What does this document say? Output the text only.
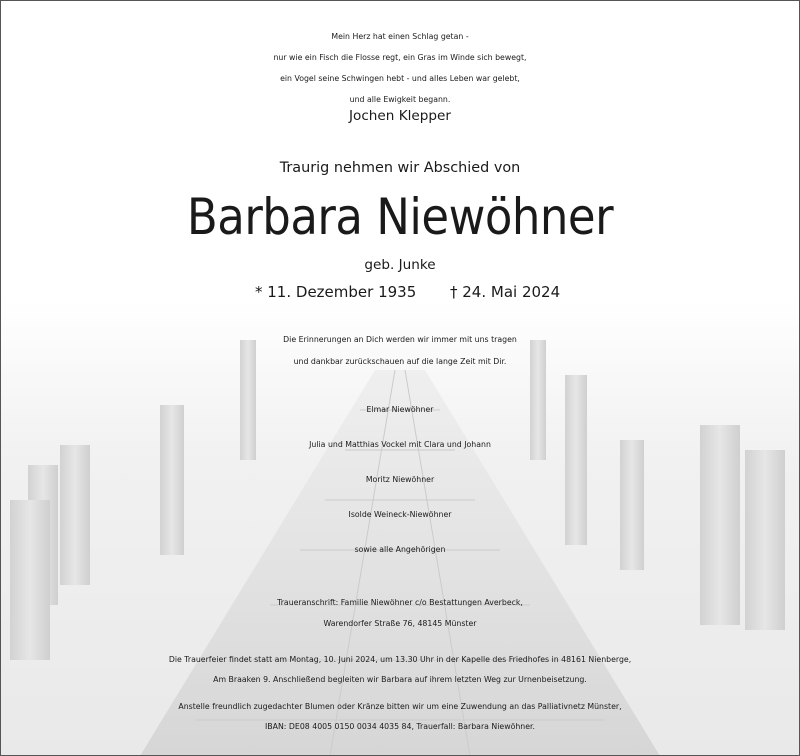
Mein Herz hat einen Schlag getan -
nur wie ein Fisch die Flosse regt, ein Gras im Winde sich bewegt,
ein Vogel seine Schwingen hebt - und alles Leben war gelebt,
und alle Ewigkeit begann.
Jochen Klepper
Traurig nehmen wir Abschied von
Barbara Niewöhner
geb. Junke
* 11. Dezember 1935 † 24. Mai 2024
Die Erinnerungen an Dich werden wir immer mit uns tragen
und dankbar zurückschauen auf die lange Zeit mit Dir.
Elmar Niewöhner
Julia und Matthias Vockel mit Clara und Johann
Moritz Niewöhner
Isolde Weineck-Niewöhner
sowie alle Angehörigen
Traueranschrift: Familie Niewöhner c/o Bestattungen Averbeck,
Warendorfer Straße 76, 48145 Münster
Die Trauerfeier findet statt am Montag, 10. Juni 2024, um 13.30 Uhr in der Kapelle des Friedhofes in 48161 Nienberge,
Am Braaken 9. Anschließend begleiten wir Barbara auf ihrem letzten Weg zur Urnenbeisetzung.
Anstelle freundlich zugedachter Blumen oder Kränze bitten wir um eine Zuwendung an das Palliativnetz Münster,
IBAN: DE08 4005 0150 0034 4035 84, Trauerfall: Barbara Niewöhner.
